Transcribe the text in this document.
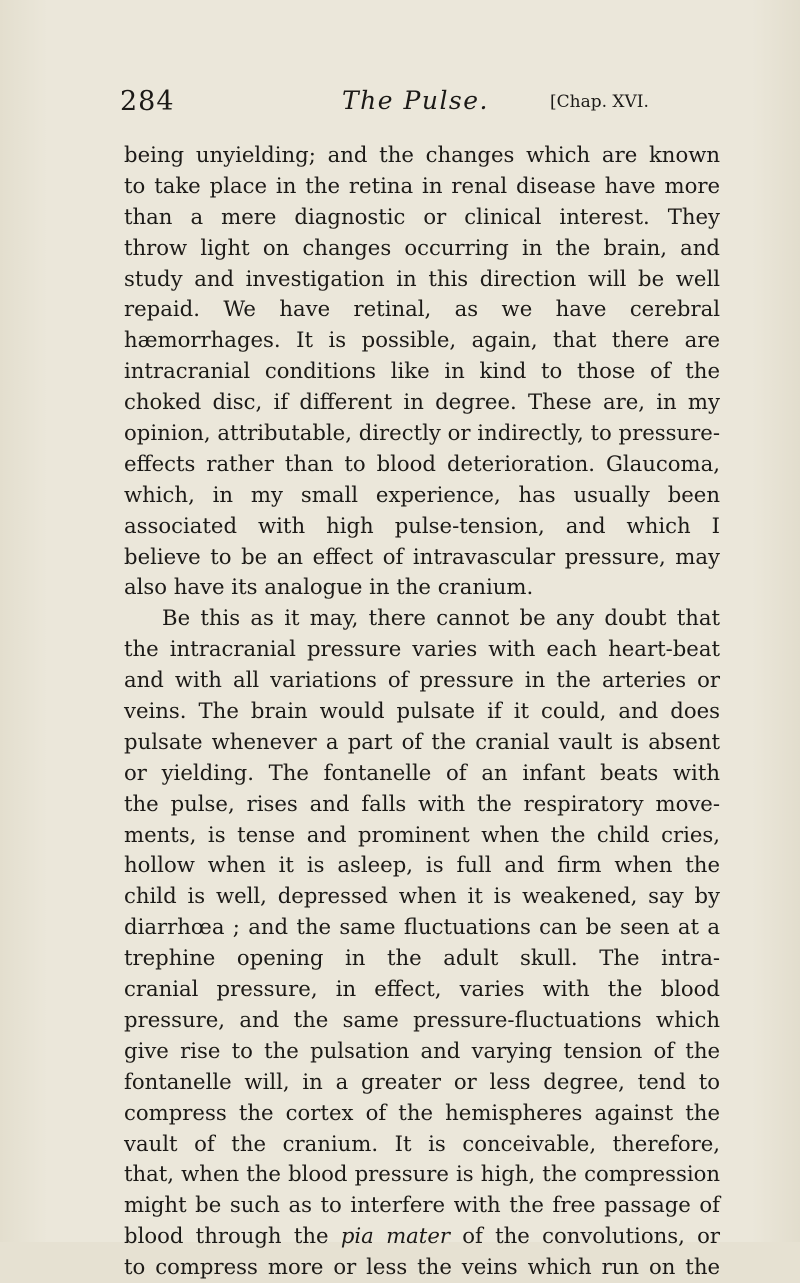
284	The Pulse.	[Chap. XVI.
being unyielding; and the changes which are known
to take place in the retina in renal disease have more
than a mere diagnostic or clinical interest. They
throw light on changes occurring in the brain, and
study and investigation in this direction will be well
repaid. We have retinal, as we have cerebral
hæmorrhages. It is possible, again, that there are
intracranial conditions like in kind to those of the
choked disc, if different in degree. These are, in my
opinion, attributable, directly or indirectly, to pressure-
effects rather than to blood deterioration. Glaucoma,
which, in my small experience, has usually been
associated with high pulse-tension, and which I
believe to be an effect of intravascular pressure, may
also have its analogue in the cranium.
Be this as it may, there cannot be any doubt that
the intracranial pressure varies with each heart-beat
and with all variations of pressure in the arteries or
veins. The brain would pulsate if it could, and does
pulsate whenever a part of the cranial vault is absent
or yielding. The fontanelle of an infant beats with
the pulse, rises and falls with the respiratory move-
ments, is tense and prominent when the child cries,
hollow when it is asleep, is full and firm when the
child is well, depressed when it is weakened, say by
diarrhœa ; and the same fluctuations can be seen at a
trephine opening in the adult skull. The intra-
cranial pressure, in effect, varies with the blood
pressure, and the same pressure-fluctuations which
give rise to the pulsation and varying tension of the
fontanelle will, in a greater or less degree, tend to
compress the cortex of the hemispheres against the
vault of the cranium. It is conceivable, therefore,
that, when the blood pressure is high, the compression
might be such as to interfere with the free passage of
blood through the pia mater of the convolutions, or
to compress more or less the veins which run on the
